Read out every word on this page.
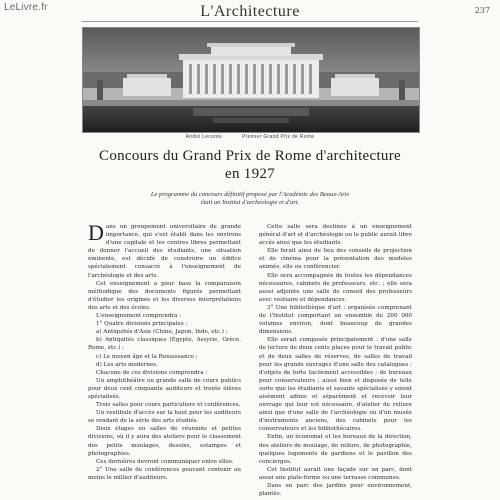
LeLivre.fr	L'Architecture	237
André Leconte	Premier Grand Prix de Rome
Concours du Grand Prix de Rome d'architecture
en 1927
Le programme du concours définitif proposé par l'Académie des Beaux-Arts
était un Institut d'archéologie et d'art.

Dans un groupement universitaire de grande importance, qui s'est établi dans les environs d'une capitale et les centres libres permettant de donner l'accueil des étudiants, une situation éminente, est décidé de construire un édifice spécialement consacré à l'enseignement de l'archéologie et des arts.

Cet enseignement a pour base la comparaison méthodique des documents figurés permettant d'étudier les origines et les diverses interprétations des arts et des écoles.

L'enseignement comprendra :

1° Quatre divisions principales :

a) Antiquités d'Asie (Chine, Japon, Inde, etc.) ;

b) Antiquités classiques (Égypte, Assyrie, Grèce, Rome, etc.) ;

c) Le moyen âge et la Renaissance ;

d) Les arts modernes.

Chacune de ces divisions comprendra :

Un amphithéâtre ou grande salle de cours publics pour deux cent cinquante auditeurs et trente élèves spécialisés.

Trois salles pour cours particuliers et conférences.

Un vestibule d'accès sur la haut pour les auditeurs se rendant de la série des arts étudiés.

Deux étages ou salles de réunions et petites divisions, où il y aura des ateliers pour le classement des petits moulages, dessins, estampes et photographies.

Ces dernières devront communiquer entre elles.

2° Une salle de conférences pouvant contenir au moins le millier d'auditeurs.

Cette salle sera destinée à un enseignement général d'art et d'archéologie ou le public aurait libre accès ainsi que les étudiants.

Elle ferait ainsi de lieu des conseils de projection et de cinéma pour la présentation des modèles animés, elle ou conférencier.

Elle sera accompagnée de toutes les dépendances nécessaires, cabinets de professeurs, etc. ; elle sera aussi adjointe une salle de conseil des professeurs avec vestiaire et dépendances.

3° Une bibliothèque d'art : organisée comprenant de l'Institut comportant un ensemble de 200 000 volumes environ, dont beaucoup de grandes dimensions.

Elle serait composée principalement : d'une salle de lecture de deux cents places pour le travail public et de deux salles de réserves, de salles de travail pour les grands ouvrages d'une salle des catalogues ; d'objets de forte facilement accessibles ; de bureaux pour conservateurs ; aussi bien et disposée de telle sorte que les étudiants et savants spécialisés y soient aisément admis et séparément et recevoir leur ouvrage qui leur est nécessaire, d'atelier de reliure ainsi que d'une salle de l'archéologie ou d'un musée d'instruments anciens, des cabinets pour les conservateurs et les bibliothécaires.

Enfin, un économat et les bureaux de la direction, des ateliers de moulage, de reliure, de photographie, quelques logements de gardiens et le pavillon des concierges.

Cet Institut aurait une façade sur un parc, dont aussi une plate-forme ou une terrasse communes.

Dans un parc des jardins pour environnement, plantés.
